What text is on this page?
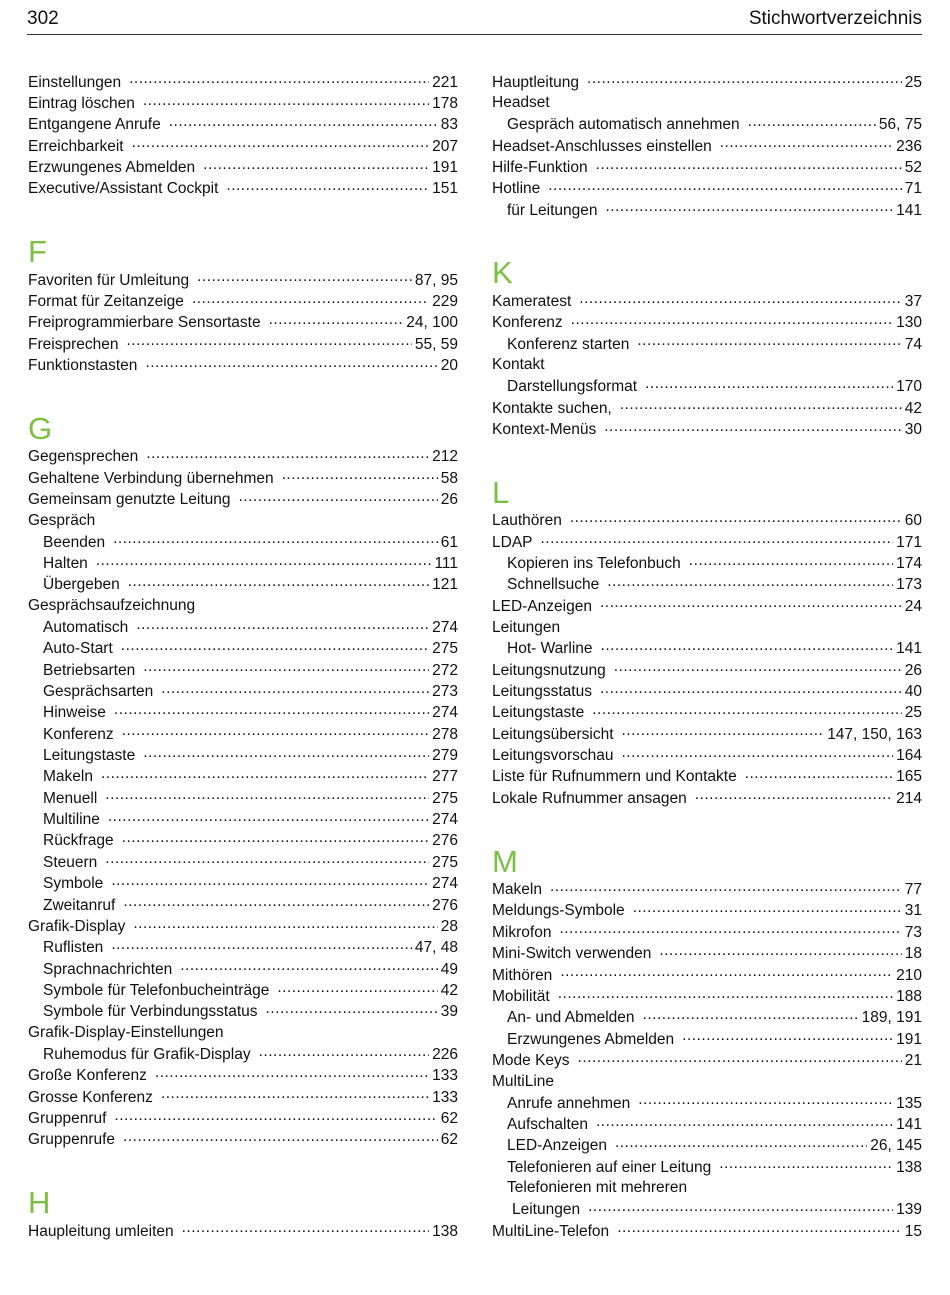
302	Stichwortverzeichnis
Einstellungen .....	221
Eintrag löschen .....	178
Entgangene Anrufe .....	83
Erreichbarkeit .....	207
Erzwungenes Abmelden .....	191
Executive/Assistant Cockpit .....	151
F
Favoriten für Umleitung .....	87, 95
Format für Zeitanzeige .....	229
Freiprogrammierbare Sensortaste .....	24, 100
Freisprechen .....	55, 59
Funktionstasten .....	20
G
Gegensprechen .....	212
Gehaltene Verbindung übernehmen .....	58
Gemeinsam genutzte Leitung .....	26
Gespräch
Beenden .....	61
Halten .....	111
Übergeben .....	121
Gesprächsaufzeichnung
Automatisch .....	274
Auto-Start .....	275
Betriebsarten .....	272
Gesprächsarten .....	273
Hinweise .....	274
Konferenz .....	278
Leitungstaste .....	279
Makeln .....	277
Menuell .....	275
Multiline .....	274
Rückfrage .....	276
Steuern .....	275
Symbole .....	274
Zweitanruf .....	276
Grafik-Display .....	28
Ruflisten .....	47, 48
Sprachnachrichten .....	49
Symbole für Telefonbucheinträge .....	42
Symbole für Verbindungsstatus .....	39
Grafik-Display-Einstellungen
Ruhemodus für Grafik-Display .....	226
Große Konferenz .....	133
Grosse Konferenz .....	133
Gruppenruf .....	62
Gruppenrufe .....	62
H
Haupleitung umleiten .....	138
Hauptleitung .....	25
Headset
Gespräch automatisch annehmen .....	56, 75
Headset-Anschlusses einstellen .....	236
Hilfe-Funktion .....	52
Hotline .....	71
für Leitungen .....	141
K
Kameratest .....	37
Konferenz .....	130
Konferenz starten .....	74
Kontakt
Darstellungsformat .....	170
Kontakte suchen, .....	42
Kontext-Menüs .....	30
L
Lauthören .....	60
LDAP .....	171
Kopieren ins Telefonbuch .....	174
Schnellsuche .....	173
LED-Anzeigen .....	24
Leitungen
Hot- Warline .....	141
Leitungsnutzung .....	26
Leitungsstatus .....	40
Leitungstaste .....	25
Leitungsübersicht .....	147, 150, 163
Leitungsvorschau .....	164
Liste für Rufnummern und Kontakte .....	165
Lokale Rufnummer ansagen .....	214
M
Makeln .....	77
Meldungs-Symbole .....	31
Mikrofon .....	73
Mini-Switch verwenden .....	18
Mithören .....	210
Mobilität .....	188
An- und Abmelden .....	189, 191
Erzwungenes Abmelden .....	191
Mode Keys .....	21
MultiLine
Anrufe annehmen .....	135
Aufschalten .....	141
LED-Anzeigen .....	26, 145
Telefonieren auf einer Leitung .....	138
Telefonieren mit mehreren
Leitungen .....	139
MultiLine-Telefon .....	15
